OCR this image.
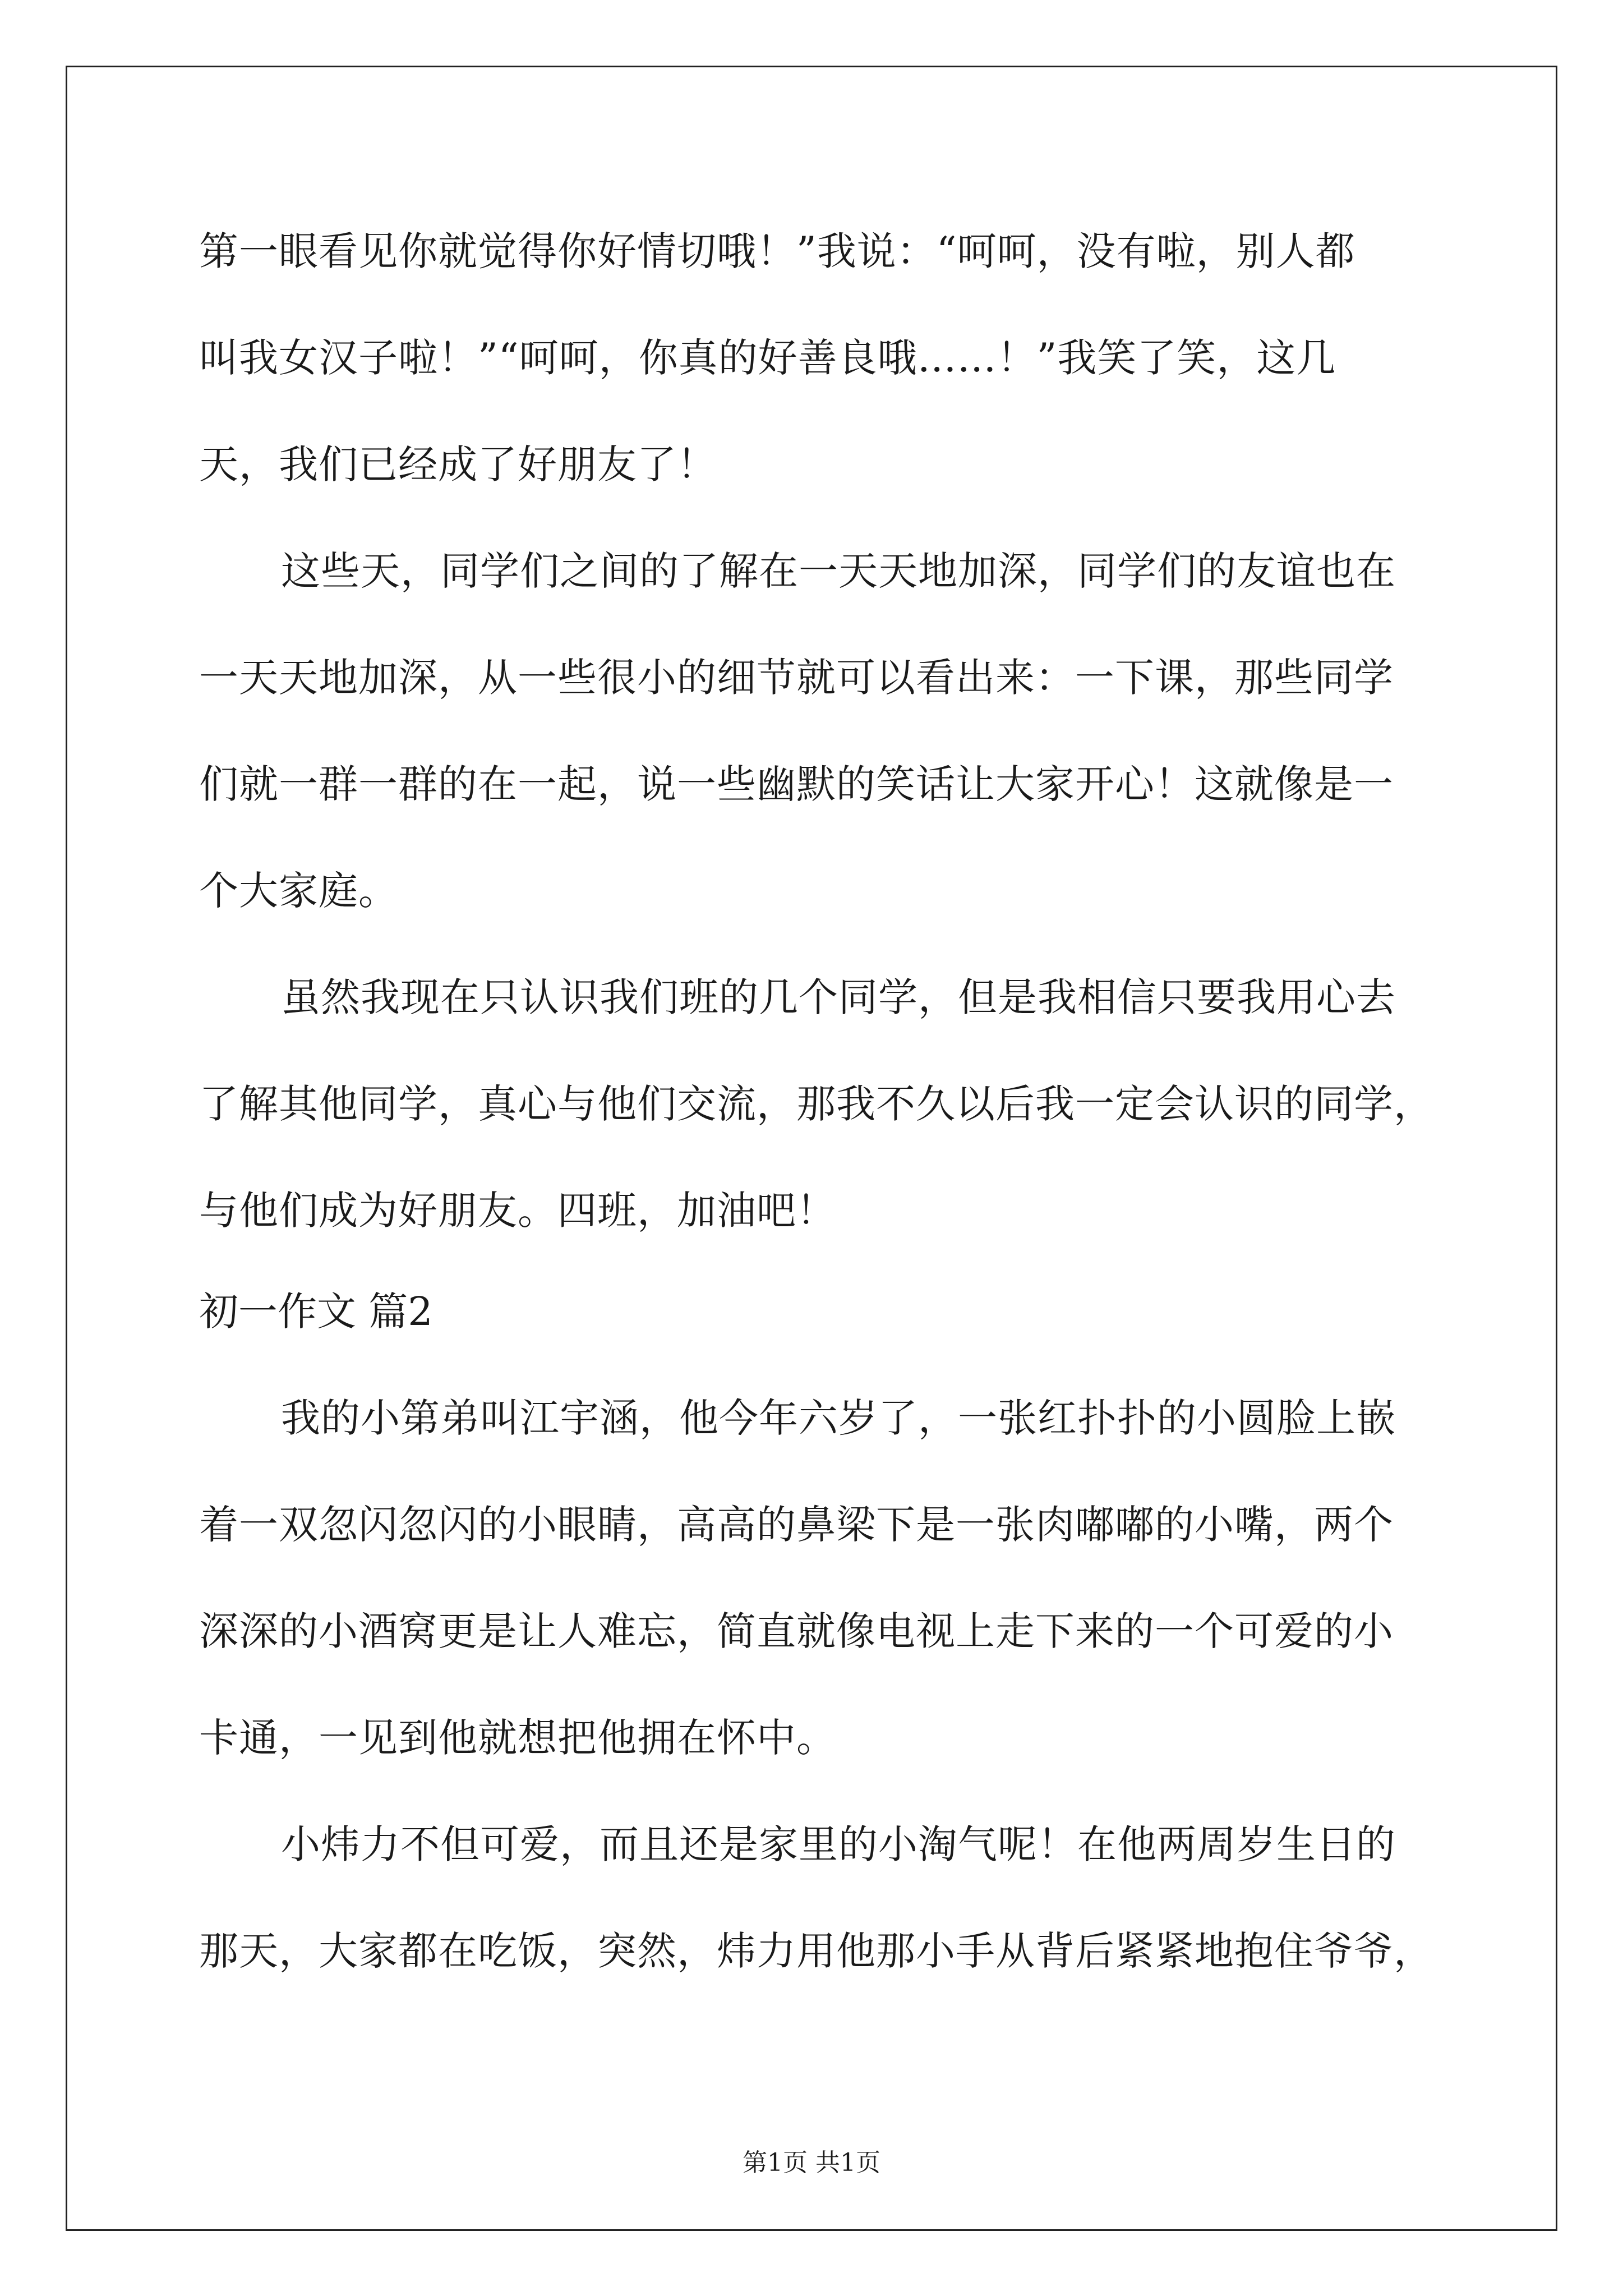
第一眼看见你就觉得你好情切哦！”我说：“呵呵，没有啦，别人都
叫我女汉子啦！”“呵呵，你真的好善良哦……！”我笑了笑，这几
天，我们已经成了好朋友了！
这些天，同学们之间的了解在一天天地加深，同学们的友谊也在
一天天地加深，从一些很小的细节就可以看出来：一下课，那些同学
们就一群一群的在一起，说一些幽默的笑话让大家开心！这就像是一
个大家庭。
虽然我现在只认识我们班的几个同学，但是我相信只要我用心去
了解其他同学，真心与他们交流，那我不久以后我一定会认识的同学，
与他们成为好朋友。四班，加油吧！
初一作文 篇2
我的小第弟叫江宇涵，他今年六岁了，一张红扑扑的小圆脸上嵌
着一双忽闪忽闪的小眼睛，高高的鼻梁下是一张肉嘟嘟的小嘴，两个
深深的小酒窝更是让人难忘，简直就像电视上走下来的一个可爱的小
卡通，一见到他就想把他拥在怀中。
小炜力不但可爱，而且还是家里的小淘气呢！在他两周岁生日的
那天，大家都在吃饭，突然，炜力用他那小手从背后紧紧地抱住爷爷，
第1页 共1页
